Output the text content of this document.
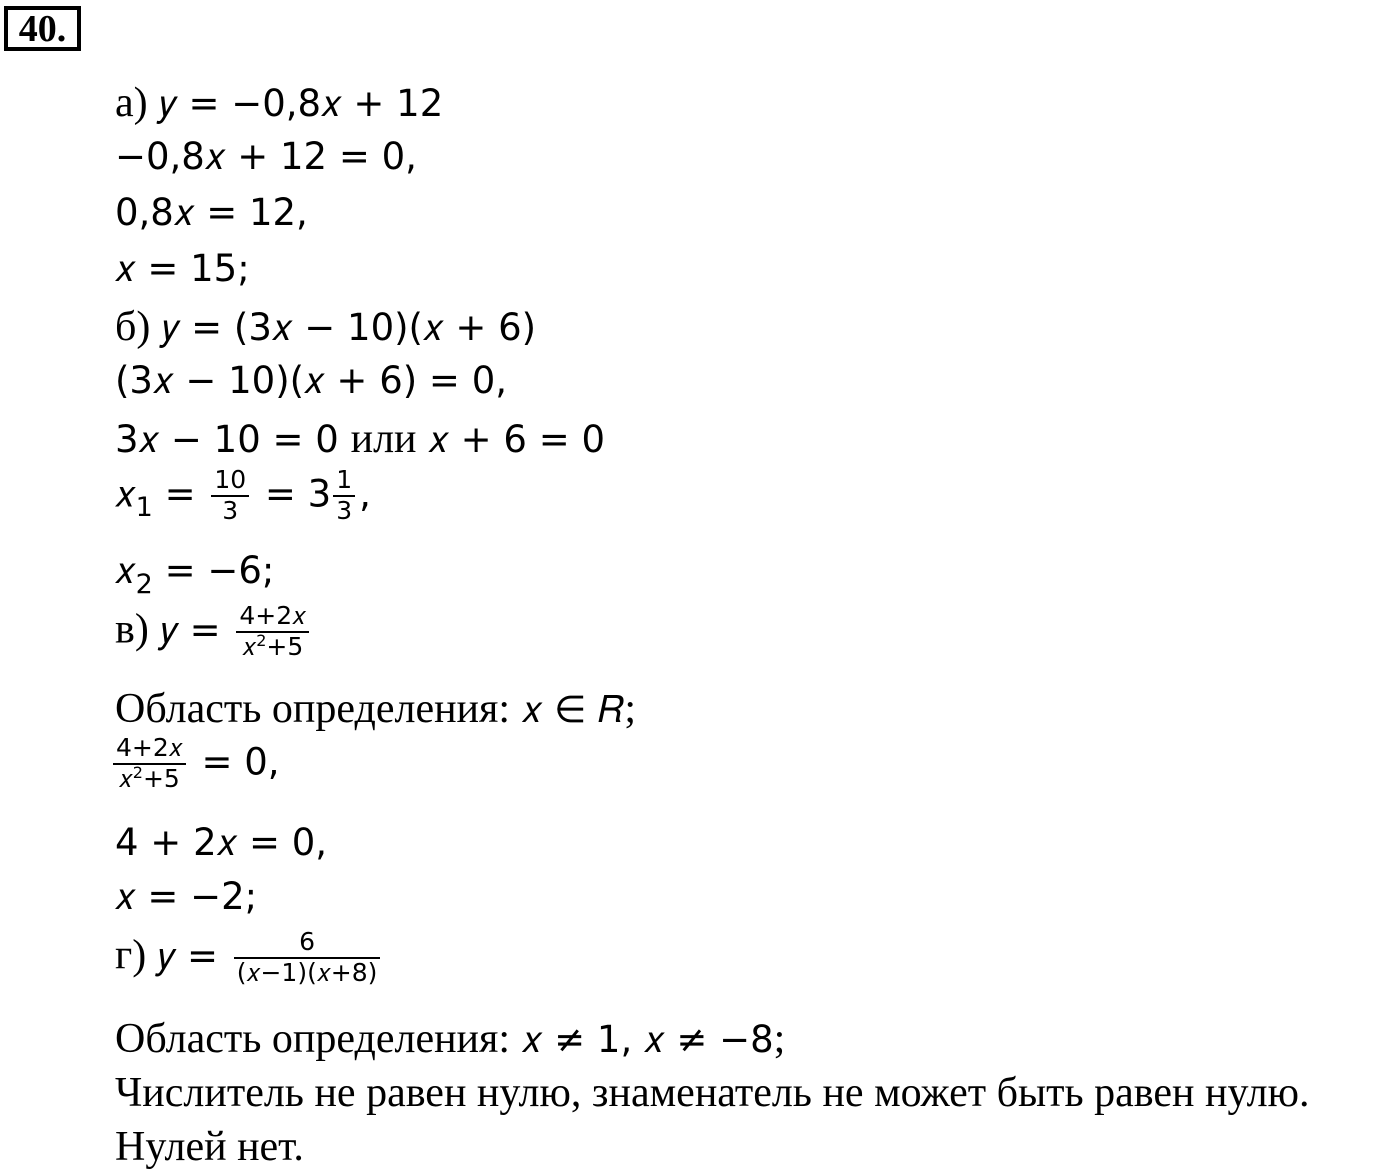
40.
а) 𝑦 = −0,8𝑥 + 12
−0,8𝑥 + 12 = 0,
0,8𝑥 = 12,
𝑥 = 15;
б) 𝑦 = (3𝑥 − 10)(𝑥 + 6)
(3𝑥 − 10)(𝑥 + 6) = 0,
3𝑥 − 10 = 0 или 𝑥 + 6 = 0
𝑥$_1$ = $\frac{10}{3} = 3 \frac{1}{3}$ ,
𝑥$_2$ = −6;
в) 𝑦 = $\frac{\text{4+2𝑥}}{𝑥^2+5}$
Область определения: 𝑥 ∈ 𝑅;
$\frac{\text{4+2𝑥}}{𝑥^2+5} = 0$,
4 + 2𝑥 = 0,
𝑥 = −2;
г) 𝑦 = $\frac{6}{\text{(𝑥−1)(𝑥+8)}}$
Область определения: 𝑥 ≠ 1, 𝑥 ≠ −8;
Числитель не равен нулю, знаменатель не может быть равен нулю.
Нулей нет.
